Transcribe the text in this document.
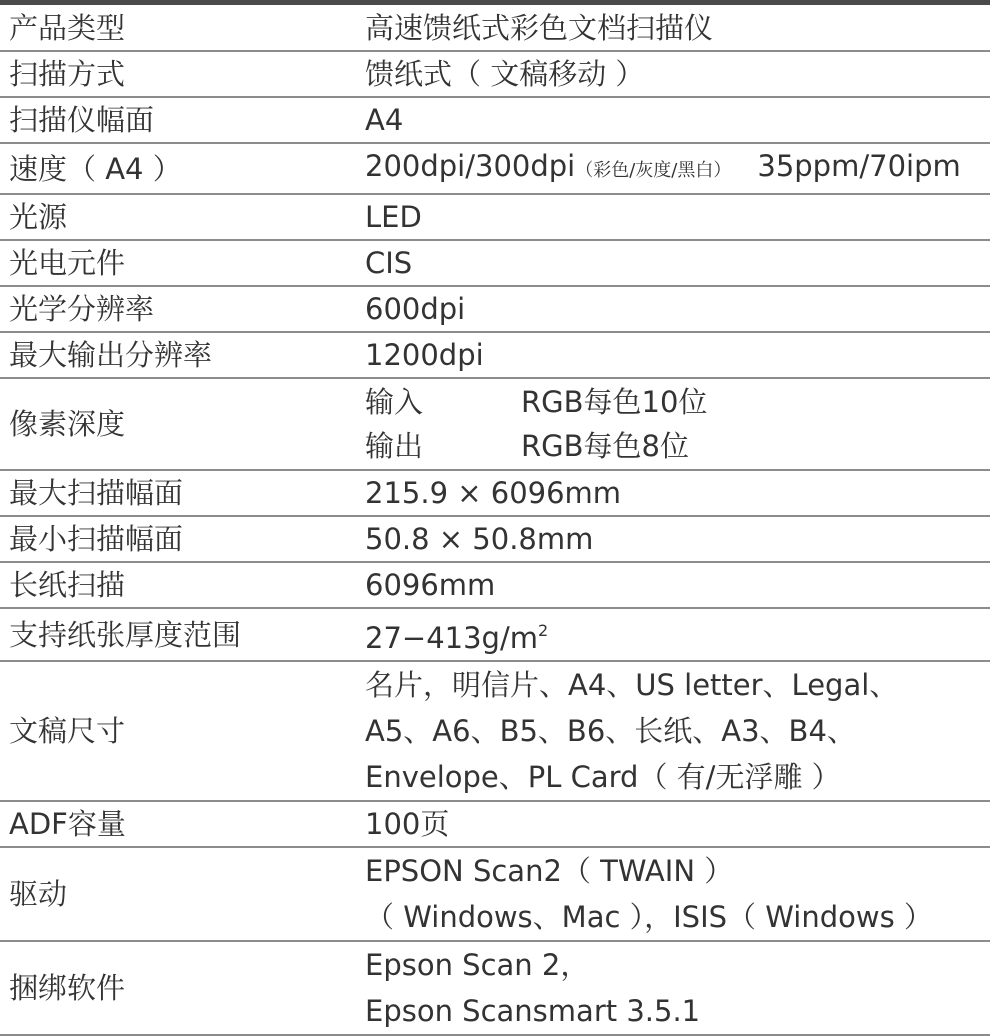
产品类型	高速馈纸式彩色文档扫描仪
扫描方式	馈纸式（ 文稿移动 ）
扫描仪幅面	A4
速度（ A4 ）	200dpi/300dpi（彩色/灰度/黑白） 35ppm/70ipm
光源	LED
光电元件	CIS
光学分辨率	600dpi
最大输出分辨率	1200dpi
像素深度	输入 RGB每色10位
输出 RGB每色8位

最大扫描幅面	215.9 × 6096mm
最小扫描幅面	50.8 × 50.8mm
长纸扫描	6096mm
支持纸张厚度范围	$27-413g/m^2$
文稿尺寸	名片，明信片、A4、US letter、Legal、
A5、A6、B5、B6、长纸、A3、B4、
Envelope、PL Card（ 有/无浮雕 ）

ADF容量	100页
驱动	EPSON Scan2（ TWAIN ）
（ Windows、Mac ），ISIS（ Windows ）

捆绑软件	Epson Scan 2，
Epson Scansmart 3.5.1
